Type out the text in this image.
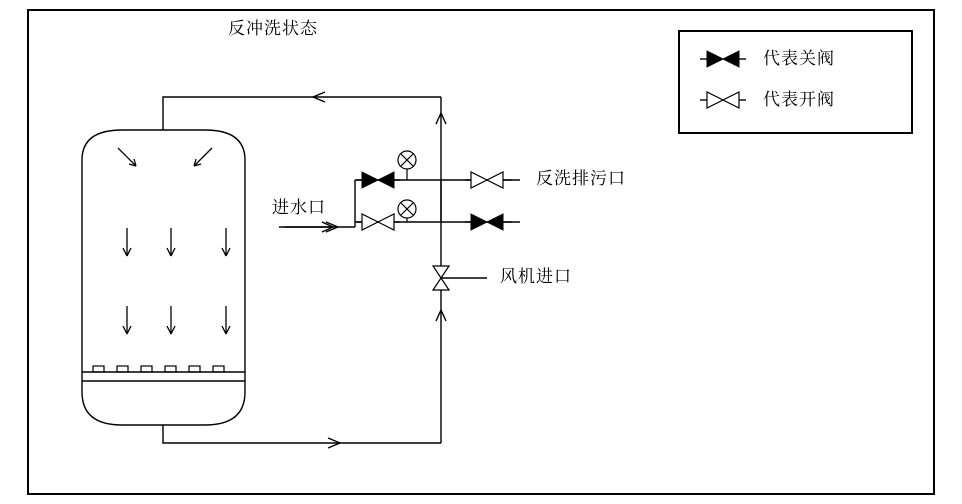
反冲洗状态
进水口
反洗排污口
风机进口
代表关阀
代表开阀
